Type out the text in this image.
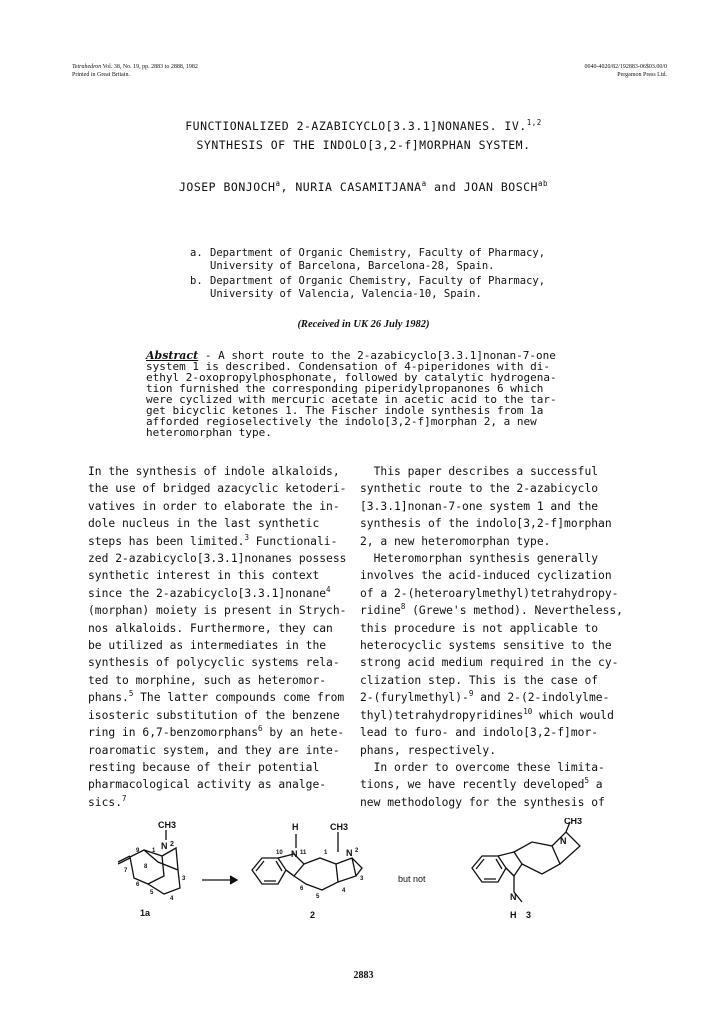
Tetrahedron Vol. 38, No. 19, pp. 2883 to 2888, 1982
Printed in Great Britain.
0040-4020/82/192883-06$03.00/0
Pergamon Press Ltd.
FUNCTIONALIZED 2-AZABICYCLO[3.3.1]NONANES. IV.$^{1,2}$
SYNTHESIS OF THE INDOLO[3,2-f]MORPHAN SYSTEM.
JOSEP BONJOCH$^a$, NURIA CASAMITJANA$^a$ and JOAN $BOSCH^{ab}$
a. Department of Organic Chemistry, Faculty of Pharmacy,
University of Barcelona, Barcelona-28, Spain.
b. Department of Organic Chemistry, Faculty of Pharmacy,
University of Valencia, Valencia-10, Spain.
(Received in UK 26 July 1982)
Abstract - A short route to the 2-azabicyclo[3.3.1]nonan-7-one
system 1 is described. Condensation of 4-piperidones with di-
ethyl 2-oxopropylphosphonate, followed by catalytic hydrogena-
tion furnished the corresponding piperidylpropanones 6 which
were cyclized with mercuric acetate in acetic acid to the tar-
get bicyclic ketones 1. The Fischer indole synthesis from 1a
afforded regioselectively the indolo[3,2-f]morphan 2, a new
heteromorphan type.

In the synthesis of indole alkaloids,

the use of bridged azacyclic ketoderi-

vatives in order to elaborate the in-

dole nucleus in the last synthetic

steps has been limited.$^3$ Functionali-

zed 2-azabicyclo[3.3.1]nonanes possess

synthetic interest in this context

since the 2-azabicyclo[3.3.1]nonane$^4$

(morphan) moiety is present in Strych-

nos alkaloids. Furthermore, they can

be utilized as intermediates in the

synthesis of polycyclic systems rela-

ted to morphine, such as heteromor-

phans.$^5$ The latter compounds come from

isosteric substitution of the benzene

ring in 6,7-benzomorphans$^6$ by an hete-

roaromatic system, and they are inte-

resting because of their potential

pharmacological activity as analge-

sics.$^7$

This paper describes a successful

synthetic route to the 2-azabicyclo

[3.3.1]nonan-7-one system 1 and the

synthesis of the indolo[3,2-f]morphan

2, a new heteromorphan type.

Heteromorphan synthesis generally

involves the acid-induced cyclization

of a 2-(heteroarylmethyl)tetrahydropy-

ridine$^8$ (Grewe's method). Nevertheless,

this procedure is not applicable to

heterocyclic systems sensitive to the

strong acid medium required in the cy-

clization step. This is the case of

2-(furylmethyl)-$^9$ and 2-(2-indolylme-

thyl)tetrahydropyridines$^{10}$ which would

lead to furo- and indolo[3,2-f]mor-

phans, respectively.

In order to overcome these limita-

tions, we have recently developed$^5$ a

new methodology for the synthesis of

CH3
N 2
1
7
6
5
3
4
8
9
1a
H
N 11
CH3
N 2
10	1
6
5
3
4
2
but not
CH3
N
N
H 3
2883
